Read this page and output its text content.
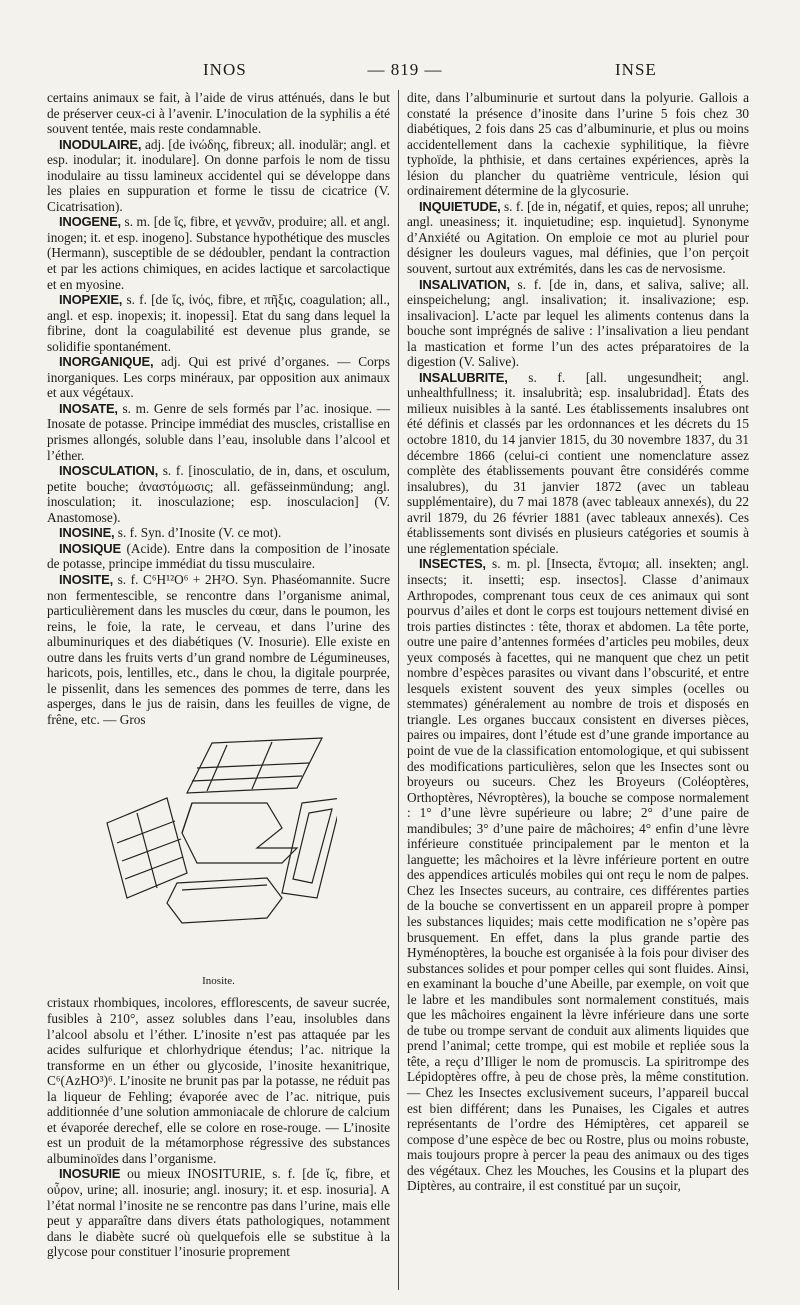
INOS	— 819 —	INSE

certains animaux se fait, à l’aide de virus atténués, dans le but de préserver ceux-ci à l’avenir. L’inoculation de la syphilis a été souvent tentée, mais reste condamnable.

INODULAIRE, adj. [de ἰνώδης, fibreux; all. inodulär; angl. et esp. inodular; it. inodulare]. On donne parfois le nom de tissu inodulaire au tissu lamineux accidentel qui se développe dans les plaies en suppuration et forme le tissu de cicatrice (V. Cicatrisation).

INOGENE, s. m. [de ἴς, fibre, et γεννᾶν, produire; all. et angl. inogen; it. et esp. inogeno]. Substance hypothétique des muscles (Hermann), susceptible de se dédoubler, pendant la contraction et par les actions chimiques, en acides lactique et sarcolactique et en myosine.

INOPEXIE, s. f. [de ἴς, ἰνός, fibre, et πῆξις, coagulation; all., angl. et esp. inopexis; it. inopessi]. Etat du sang dans lequel la fibrine, dont la coagulabilité est devenue plus grande, se solidifie spontanément.

INORGANIQUE, adj. Qui est privé d’organes. — Corps inorganiques. Les corps minéraux, par opposition aux animaux et aux végétaux.

INOSATE, s. m. Genre de sels formés par l’ac. inosique. — Inosate de potasse. Principe immédiat des muscles, cristallise en prismes allongés, soluble dans l’eau, insoluble dans l’alcool et l’éther.

INOSCULATION, s. f. [inosculatio, de in, dans, et osculum, petite bouche; ἀναστόμωσις; all. gefässeinmündung; angl. inosculation; it. inosculazione; esp. inosculacion] (V. Anastomose).

INOSINE, s. f. Syn. d’Inosite (V. ce mot).

INOSIQUE (Acide). Entre dans la composition de l’inosate de potasse, principe immédiat du tissu musculaire.

INOSITE, s. f. C⁶H¹²O⁶ + 2H²O. Syn. Phaséomannite. Sucre non fermentescible, se rencontre dans l’organisme animal, particulièrement dans les muscles du cœur, dans le poumon, les reins, le foie, la rate, le cerveau, et dans l’urine des albuminuriques et des diabétiques (V. Inosurie). Elle existe en outre dans les fruits verts d’un grand nombre de Légumineuses, haricots, pois, lentilles, etc., dans le chou, la digitale pourprée, le pissenlit, dans les semences des pommes de terre, dans les asperges, dans le jus de raisin, dans les feuilles de vigne, de frêne, etc. — Gros

Inosite.

cristaux rhombiques, incolores, efflorescents, de saveur sucrée, fusibles à 210°, assez solubles dans l’eau, insolubles dans l’alcool absolu et l’éther. L’inosite n’est pas attaquée par les acides sulfurique et chlorhydrique étendus; l’ac. nitrique la transforme en un éther ou glycoside, l’inosite hexanitrique, C⁶(AzHO³)⁶. L’inosite ne brunit pas par la potasse, ne réduit pas la liqueur de Fehling; évaporée avec de l’ac. nitrique, puis additionnée d’une solution ammoniacale de chlorure de calcium et évaporée derechef, elle se colore en rose-rouge. — L’inosite est un produit de la métamorphose régressive des substances albuminoïdes dans l’organisme.

INOSURIE ou mieux INOSITURIE, s. f. [de ἴς, fibre, et οὖρον, urine; all. inosurie; angl. inosury; it. et esp. inosuria]. A l’état normal l’inosite ne se rencontre pas dans l’urine, mais elle peut y apparaître dans divers états pathologiques, notamment dans le diabète sucré où quelquefois elle se substitue à la glycose pour constituer l’inosurie proprement

dite, dans l’albuminurie et surtout dans la polyurie. Gallois a constaté la présence d’inosite dans l’urine 5 fois chez 30 diabétiques, 2 fois dans 25 cas d’albuminurie, et plus ou moins accidentellement dans la cachexie syphilitique, la fièvre typhoïde, la phthisie, et dans certaines expériences, après la lésion du plancher du quatrième ventricule, lésion qui ordinairement détermine de la glycosurie.

INQUIETUDE, s. f. [de in, négatif, et quies, repos; all unruhe; angl. uneasiness; it. inquietudine; esp. inquietud]. Synonyme d’Anxiété ou Agitation. On emploie ce mot au pluriel pour désigner les douleurs vagues, mal définies, que l’on perçoit souvent, surtout aux extrémités, dans les cas de nervosisme.

INSALIVATION, s. f. [de in, dans, et saliva, salive; all. einspeichelung; angl. insalivation; it. insalivazione; esp. insalivacion]. L’acte par lequel les aliments contenus dans la bouche sont imprégnés de salive : l’insalivation a lieu pendant la mastication et forme l’un des actes préparatoires de la digestion (V. Salive).

INSALUBRITE, s. f. [all. ungesundheit; angl. unhealthfullness; it. insalubrità; esp. insalubridad]. États des milieux nuisibles à la santé. Les établissements insalubres ont été définis et classés par les ordonnances et les décrets du 15 octobre 1810, du 14 janvier 1815, du 30 novembre 1837, du 31 décembre 1866 (celui-ci contient une nomenclature assez complète des établissements pouvant être considérés comme insalubres), du 31 janvier 1872 (avec un tableau supplémentaire), du 7 mai 1878 (avec tableaux annexés), du 22 avril 1879, du 26 février 1881 (avec tableaux annexés). Ces établissements sont divisés en plusieurs catégories et soumis à une réglementation spéciale.

INSECTES, s. m. pl. [Insecta, ἔντομα; all. insekten; angl. insects; it. insetti; esp. insectos]. Classe d’animaux Arthropodes, comprenant tous ceux de ces animaux qui sont pourvus d’ailes et dont le corps est toujours nettement divisé en trois parties distinctes : tête, thorax et abdomen. La tête porte, outre une paire d’antennes formées d’articles peu mobiles, deux yeux composés à facettes, qui ne manquent que chez un petit nombre d’espèces parasites ou vivant dans l’obscurité, et entre lesquels existent souvent des yeux simples (ocelles ou stemmates) généralement au nombre de trois et disposés en triangle. Les organes buccaux consistent en diverses pièces, paires ou impaires, dont l’étude est d’une grande importance au point de vue de la classification entomologique, et qui subissent des modifications particulières, selon que les Insectes sont ou broyeurs ou suceurs. Chez les Broyeurs (Coléoptères, Orthoptères, Névroptères), la bouche se compose normalement : 1° d’une lèvre supérieure ou labre; 2° d’une paire de mandibules; 3° d’une paire de mâchoires; 4° enfin d’une lèvre inférieure constituée principalement par le menton et la languette; les mâchoires et la lèvre inférieure portent en outre des appendices articulés mobiles qui ont reçu le nom de palpes. Chez les Insectes suceurs, au contraire, ces différentes parties de la bouche se convertissent en un appareil propre à pomper les substances liquides; mais cette modification ne s’opère pas brusquement. En effet, dans la plus grande partie des Hyménoptères, la bouche est organisée à la fois pour diviser des substances solides et pour pomper celles qui sont fluides. Ainsi, en examinant la bouche d’une Abeille, par exemple, on voit que le labre et les mandibules sont normalement constitués, mais que les mâchoires engainent la lèvre inférieure dans une sorte de tube ou trompe servant de conduit aux aliments liquides que prend l’animal; cette trompe, qui est mobile et repliée sous la tête, a reçu d’Illiger le nom de promuscis. La spiritrompe des Lépidoptères offre, à peu de chose près, la même constitution. — Chez les Insectes exclusivement suceurs, l’appareil buccal est bien différent; dans les Punaises, les Cigales et autres représentants de l’ordre des Hémiptères, cet appareil se compose d’une espèce de bec ou Rostre, plus ou moins robuste, mais toujours propre à percer la peau des animaux ou des tiges des végétaux. Chez les Mouches, les Cousins et la plupart des Diptères, au contraire, il est constitué par un suçoir,
